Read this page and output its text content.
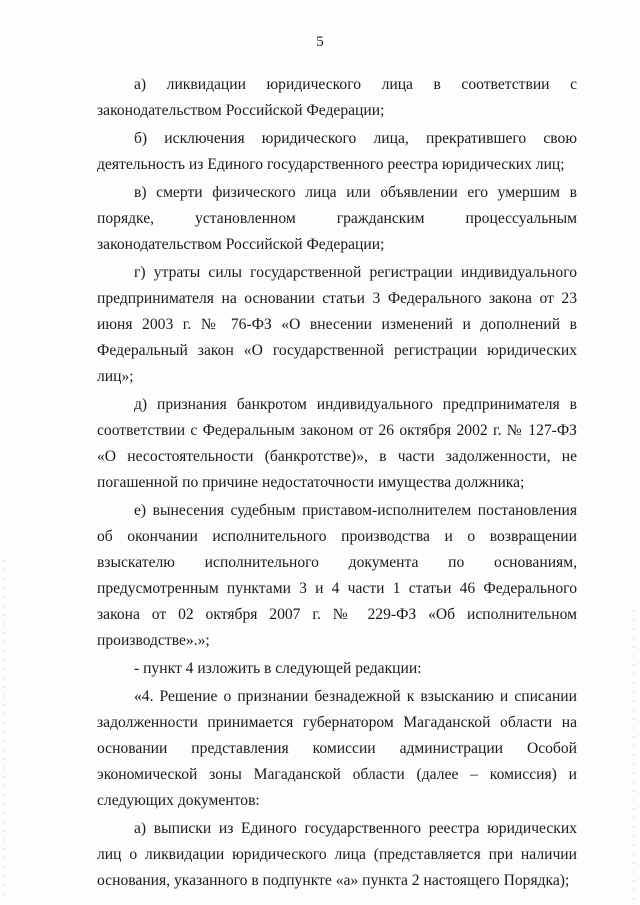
5

а) ликвидации юридического лица в соответствии с законодательством Российской Федерации;

б) исключения юридического лица, прекратившего свою деятельность из Единого государственного реестра юридических лиц;

в) смерти физического лица или объявлении его умершим в порядке, установленном гражданским процессуальным законодательством Российской Федерации;

г) утраты силы государственной регистрации индивидуального предпринимателя на основании статьи 3 Федерального закона от 23 июня 2003 г. № 76-ФЗ «О внесении изменений и дополнений в Федеральный закон «О государственной регистрации юридических лиц»;

д) признания банкротом индивидуального предпринимателя в соответствии с Федеральным законом от 26 октября 2002 г. № 127-ФЗ «О несостоятельности (банкротстве)», в части задолженности, не погашенной по причине недостаточности имущества должника;

е) вынесения судебным приставом-исполнителем постановления об окончании исполнительного производства и о возвращении взыскателю исполнительного документа по основаниям, предусмотренным пунктами 3 и 4 части 1 статьи 46 Федерального закона от 02 октября 2007 г. № 229-ФЗ «Об исполнительном производстве».»;

- пункт 4 изложить в следующей редакции:

«4. Решение о признании безнадежной к взысканию и списании задолженности принимается губернатором Магаданской области на основании представления комиссии администрации Особой экономической зоны Магаданской области (далее – комиссия) и следующих документов:

а) выписки из Единого государственного реестра юридических лиц о ликвидации юридического лица (представляется при наличии основания, указанного в подпункте «а» пункта 2 настоящего Порядка);
